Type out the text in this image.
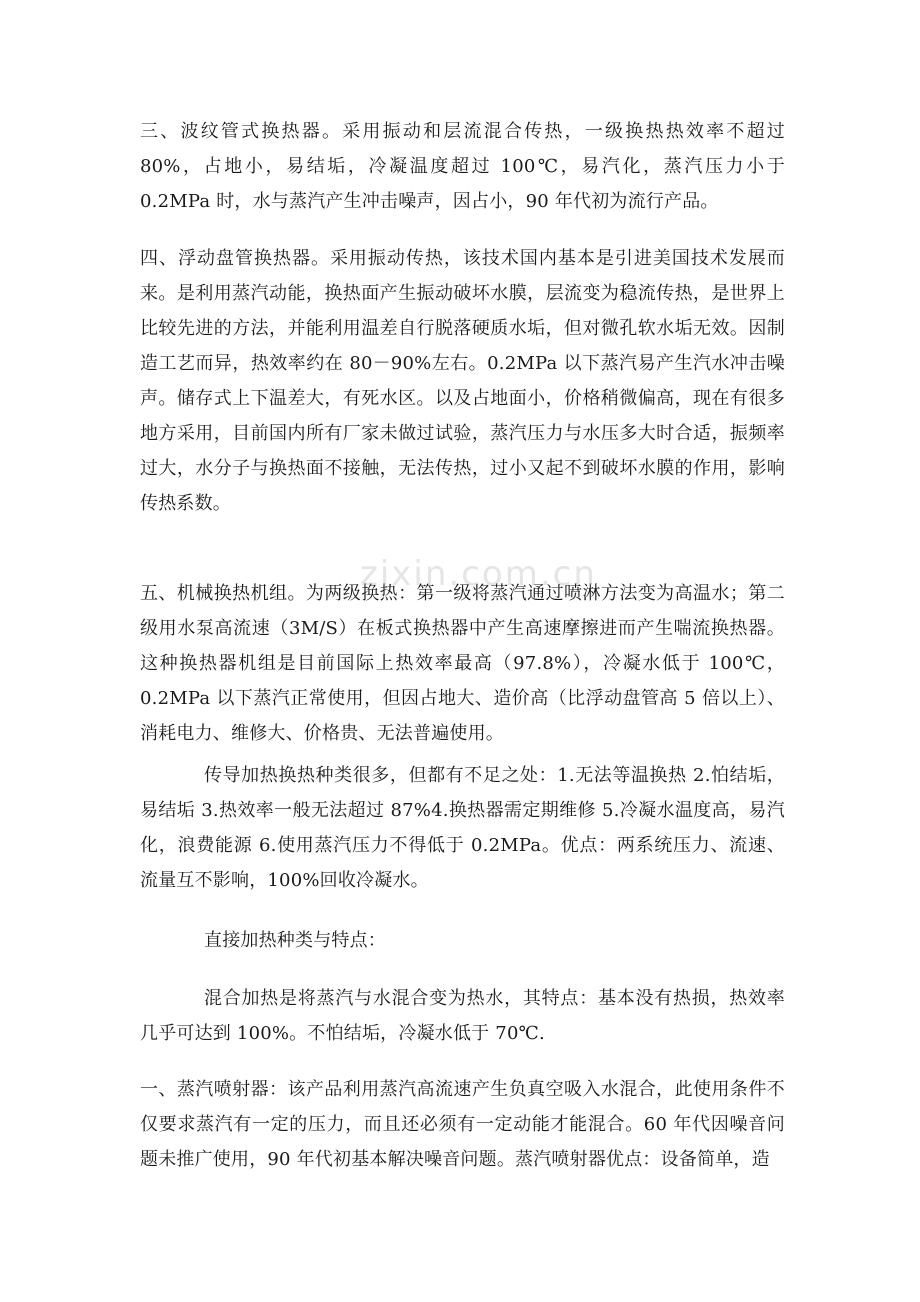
三、波纹管式换热器。采用振动和层流混合传热，一级换热热效率不超过 80%，占地小，易结垢，冷凝温度超过 100℃，易汽化，蒸汽压力小于 0.2MPa 时，水与蒸汽产生冲击噪声，因占小，90 年代初为流行产品。

四、浮动盘管换热器。采用振动传热，该技术国内基本是引进美国技术发展而来。是利用蒸汽动能，换热面产生振动破坏水膜，层流变为稳流传热，是世界上比较先进的方法，并能利用温差自行脱落硬质水垢，但对微孔软水垢无效。因制造工艺而异，热效率约在 80－90%左右。0.2MPa 以下蒸汽易产生汽水冲击噪声。储存式上下温差大，有死水区。以及占地面小，价格稍微偏高，现在有很多地方采用，目前国内所有厂家未做过试验，蒸汽压力与水压多大时合适，振频率过大，水分子与换热面不接触，无法传热，过小又起不到破坏水膜的作用，影响传热系数。

五、机械换热机组。为两级换热：第一级将蒸汽通过喷淋方法变为高温水；第二级用水泵高流速（3M/S）在板式换热器中产生高速摩擦进而产生喘流换热器。这种换热器机组是目前国际上热效率最高（97.8%），冷凝水低于 100℃，0.2MPa 以下蒸汽正常使用，但因占地大、造价高（比浮动盘管高 5 倍以上）、消耗电力、维修大、价格贵、无法普遍使用。

传导加热换热种类很多，但都有不足之处：1.无法等温换热 2.怕结垢，易结垢 3.热效率一般无法超过 87%4.换热器需定期维修 5.冷凝水温度高，易汽化，浪费能源 6.使用蒸汽压力不得低于 0.2MPa。优点：两系统压力、流速、流量互不影响，100%回收冷凝水。

直接加热种类与特点：

混合加热是将蒸汽与水混合变为热水，其特点：基本没有热损，热效率几乎可达到 100%。不怕结垢，冷凝水低于 70℃.

一、蒸汽喷射器：该产品利用蒸汽高流速产生负真空吸入水混合，此使用条件不仅要求蒸汽有一定的压力，而且还必须有一定动能才能混合。60 年代因噪音问题未推广使用，90 年代初基本解决噪音问题。蒸汽喷射器优点：设备简单，造

zixin.com.cn
